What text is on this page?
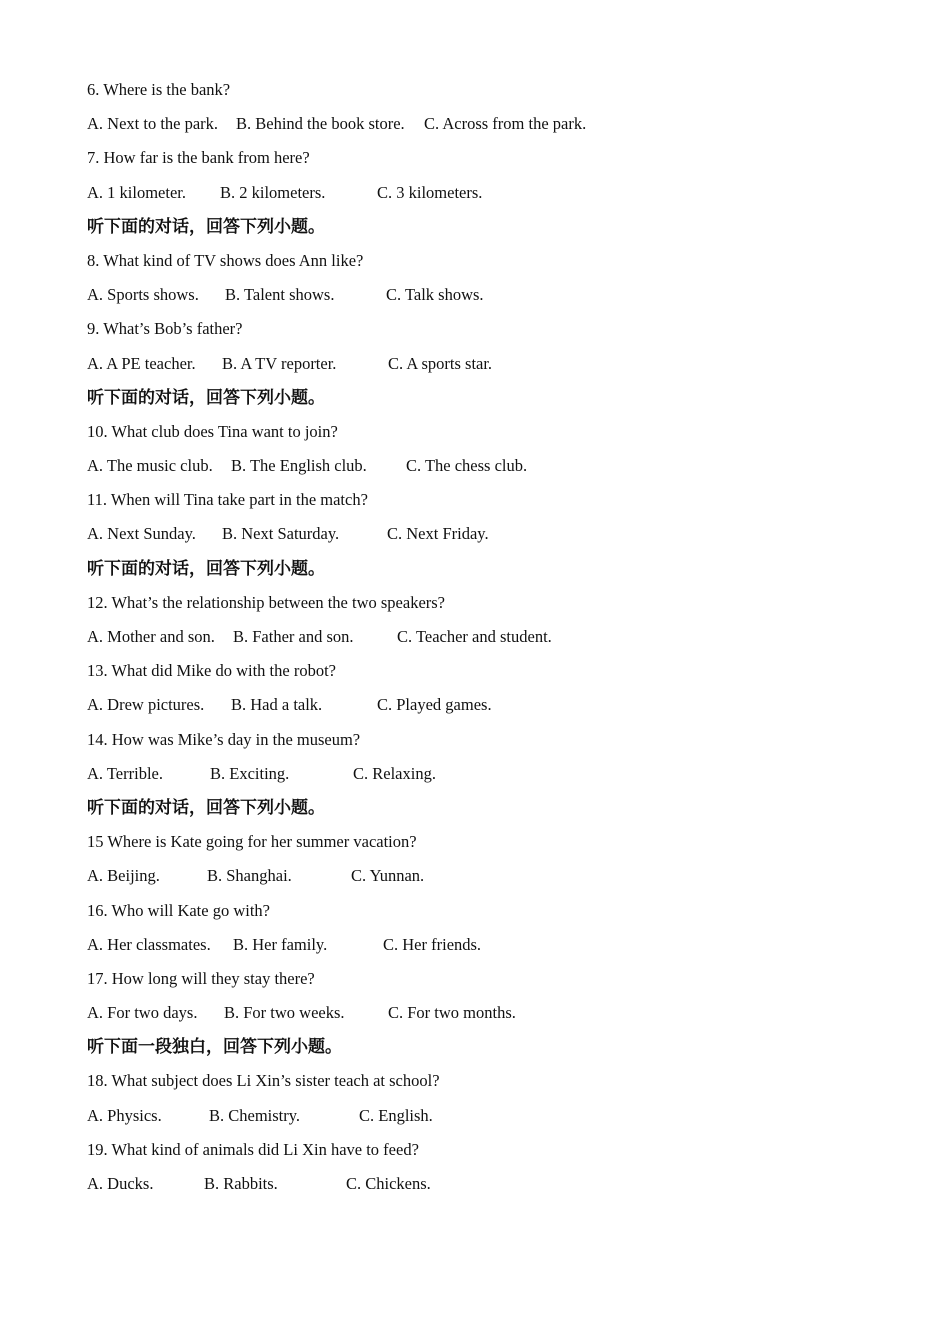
6. Where is the bank?
A. Next to the park. B. Behind the book store. C. Across from the park.
7. How far is the bank from here?
A. 1 kilometer. B. 2 kilometers.	C. 3 kilometers.
听下面的对话，回答下列小题。
8. What kind of TV shows does Ann like?
A. Sports shows. B. Talent shows.	C. Talk shows.
9. What’s Bob’s father?
A. A PE teacher. B. A TV reporter.	C. A sports star.
听下面的对话，回答下列小题。
10. What club does Tina want to join?
A. The music club. B. The English club. C. The chess club.
11. When will Tina take part in the match?
A. Next Sunday. B. Next Saturday.	C. Next Friday.
听下面的对话，回答下列小题。
12. What’s the relationship between the two speakers?
A. Mother and son. B. Father and son.	C. Teacher and student.
13. What did Mike do with the robot?
A. Drew pictures. B. Had a talk.	C. Played games.
14. How was Mike’s day in the museum?
A. Terrible.	B. Exciting.	C. Relaxing.
听下面的对话，回答下列小题。
15 Where is Kate going for her summer vacation?
A. Beijing.	B. Shanghai.	C. Yunnan.
16. Who will Kate go with?
A. Her classmates. B. Her family.	C. Her friends.
17. How long will they stay there?
A. For two days. B. For two weeks.	C. For two months.
听下面一段独白，回答下列小题。
18. What subject does Li Xin’s sister teach at school?
A. Physics.	B. Chemistry.	C. English.
19. What kind of animals did Li Xin have to feed?
A. Ducks.	B. Rabbits.	C. Chickens.
